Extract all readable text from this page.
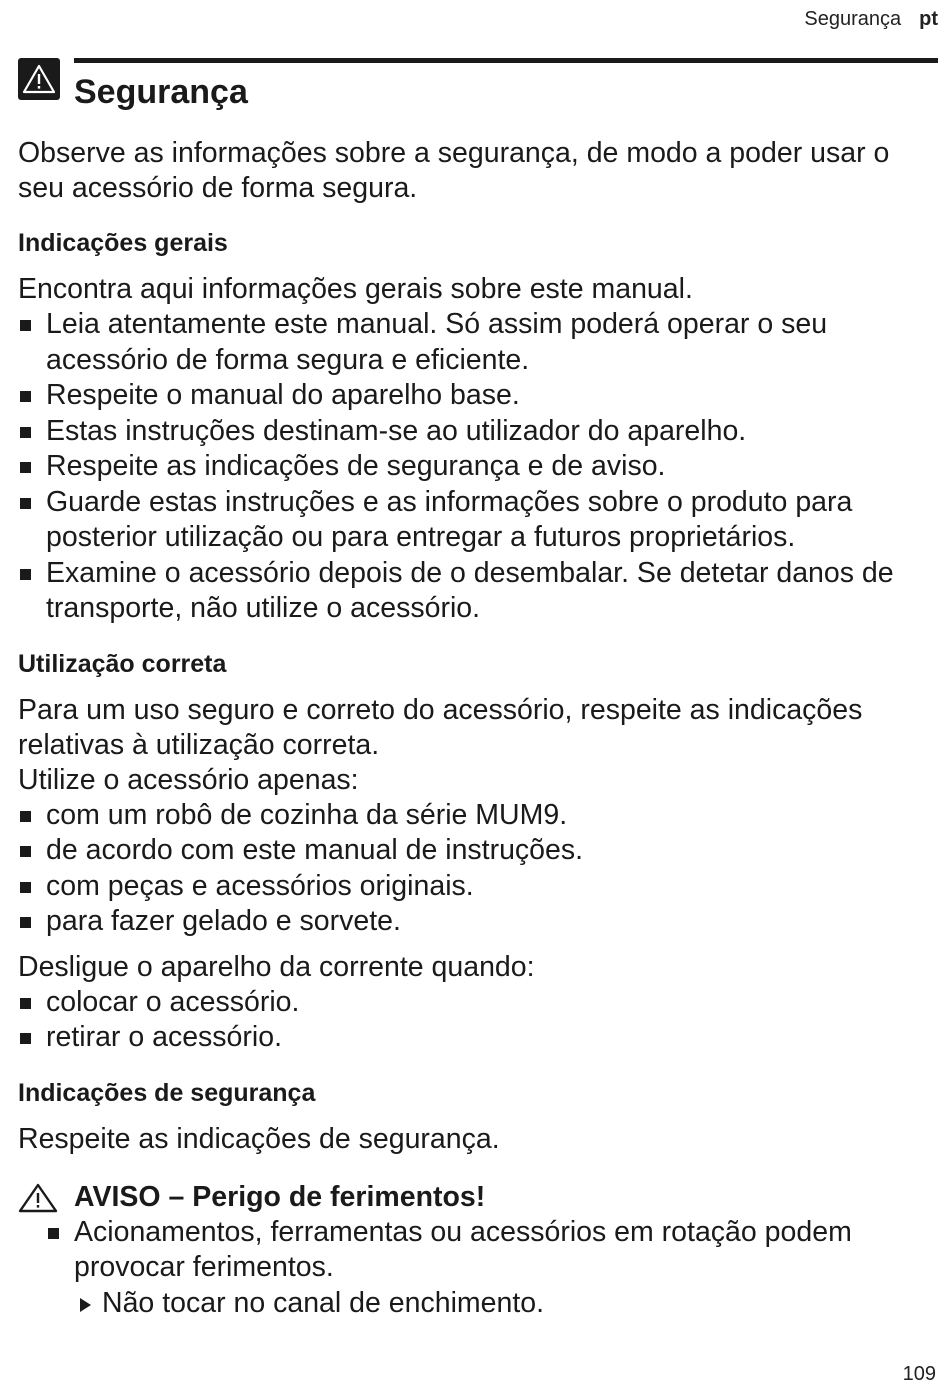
Segurança pt
Segurança

Observe as informações sobre a segurança, de modo a poder usar o seu acessório de forma segura.

Indicações gerais

Encontra aqui informações gerais sobre este manual.

Leia atentamente este manual. Só assim poderá operar o seu acessório de forma segura e eficiente.
Respeite o manual do aparelho base.
Estas instruções destinam-se ao utilizador do aparelho.
Respeite as indicações de segurança e de aviso.
Guarde estas instruções e as informações sobre o produto para posterior utilização ou para entregar a futuros proprietários.
Examine o acessório depois de o desembalar. Se detetar danos de transporte, não utilize o acessório.
Utilização correta

Para um uso seguro e correto do acessório, respeite as indicações relativas à utilização correta.

Utilize o acessório apenas:

com um robô de cozinha da série MUM9.
de acordo com este manual de instruções.
com peças e acessórios originais.
para fazer gelado e sorvete.

Desligue o aparelho da corrente quando:

colocar o acessório.
retirar o acessório.
Indicações de segurança

Respeite as indicações de segurança.

AVISO – Perigo de ferimentos!
Acionamentos, ferramentas ou acessórios em rotação podem provocar ferimentos.
Não tocar no canal de enchimento.
109
